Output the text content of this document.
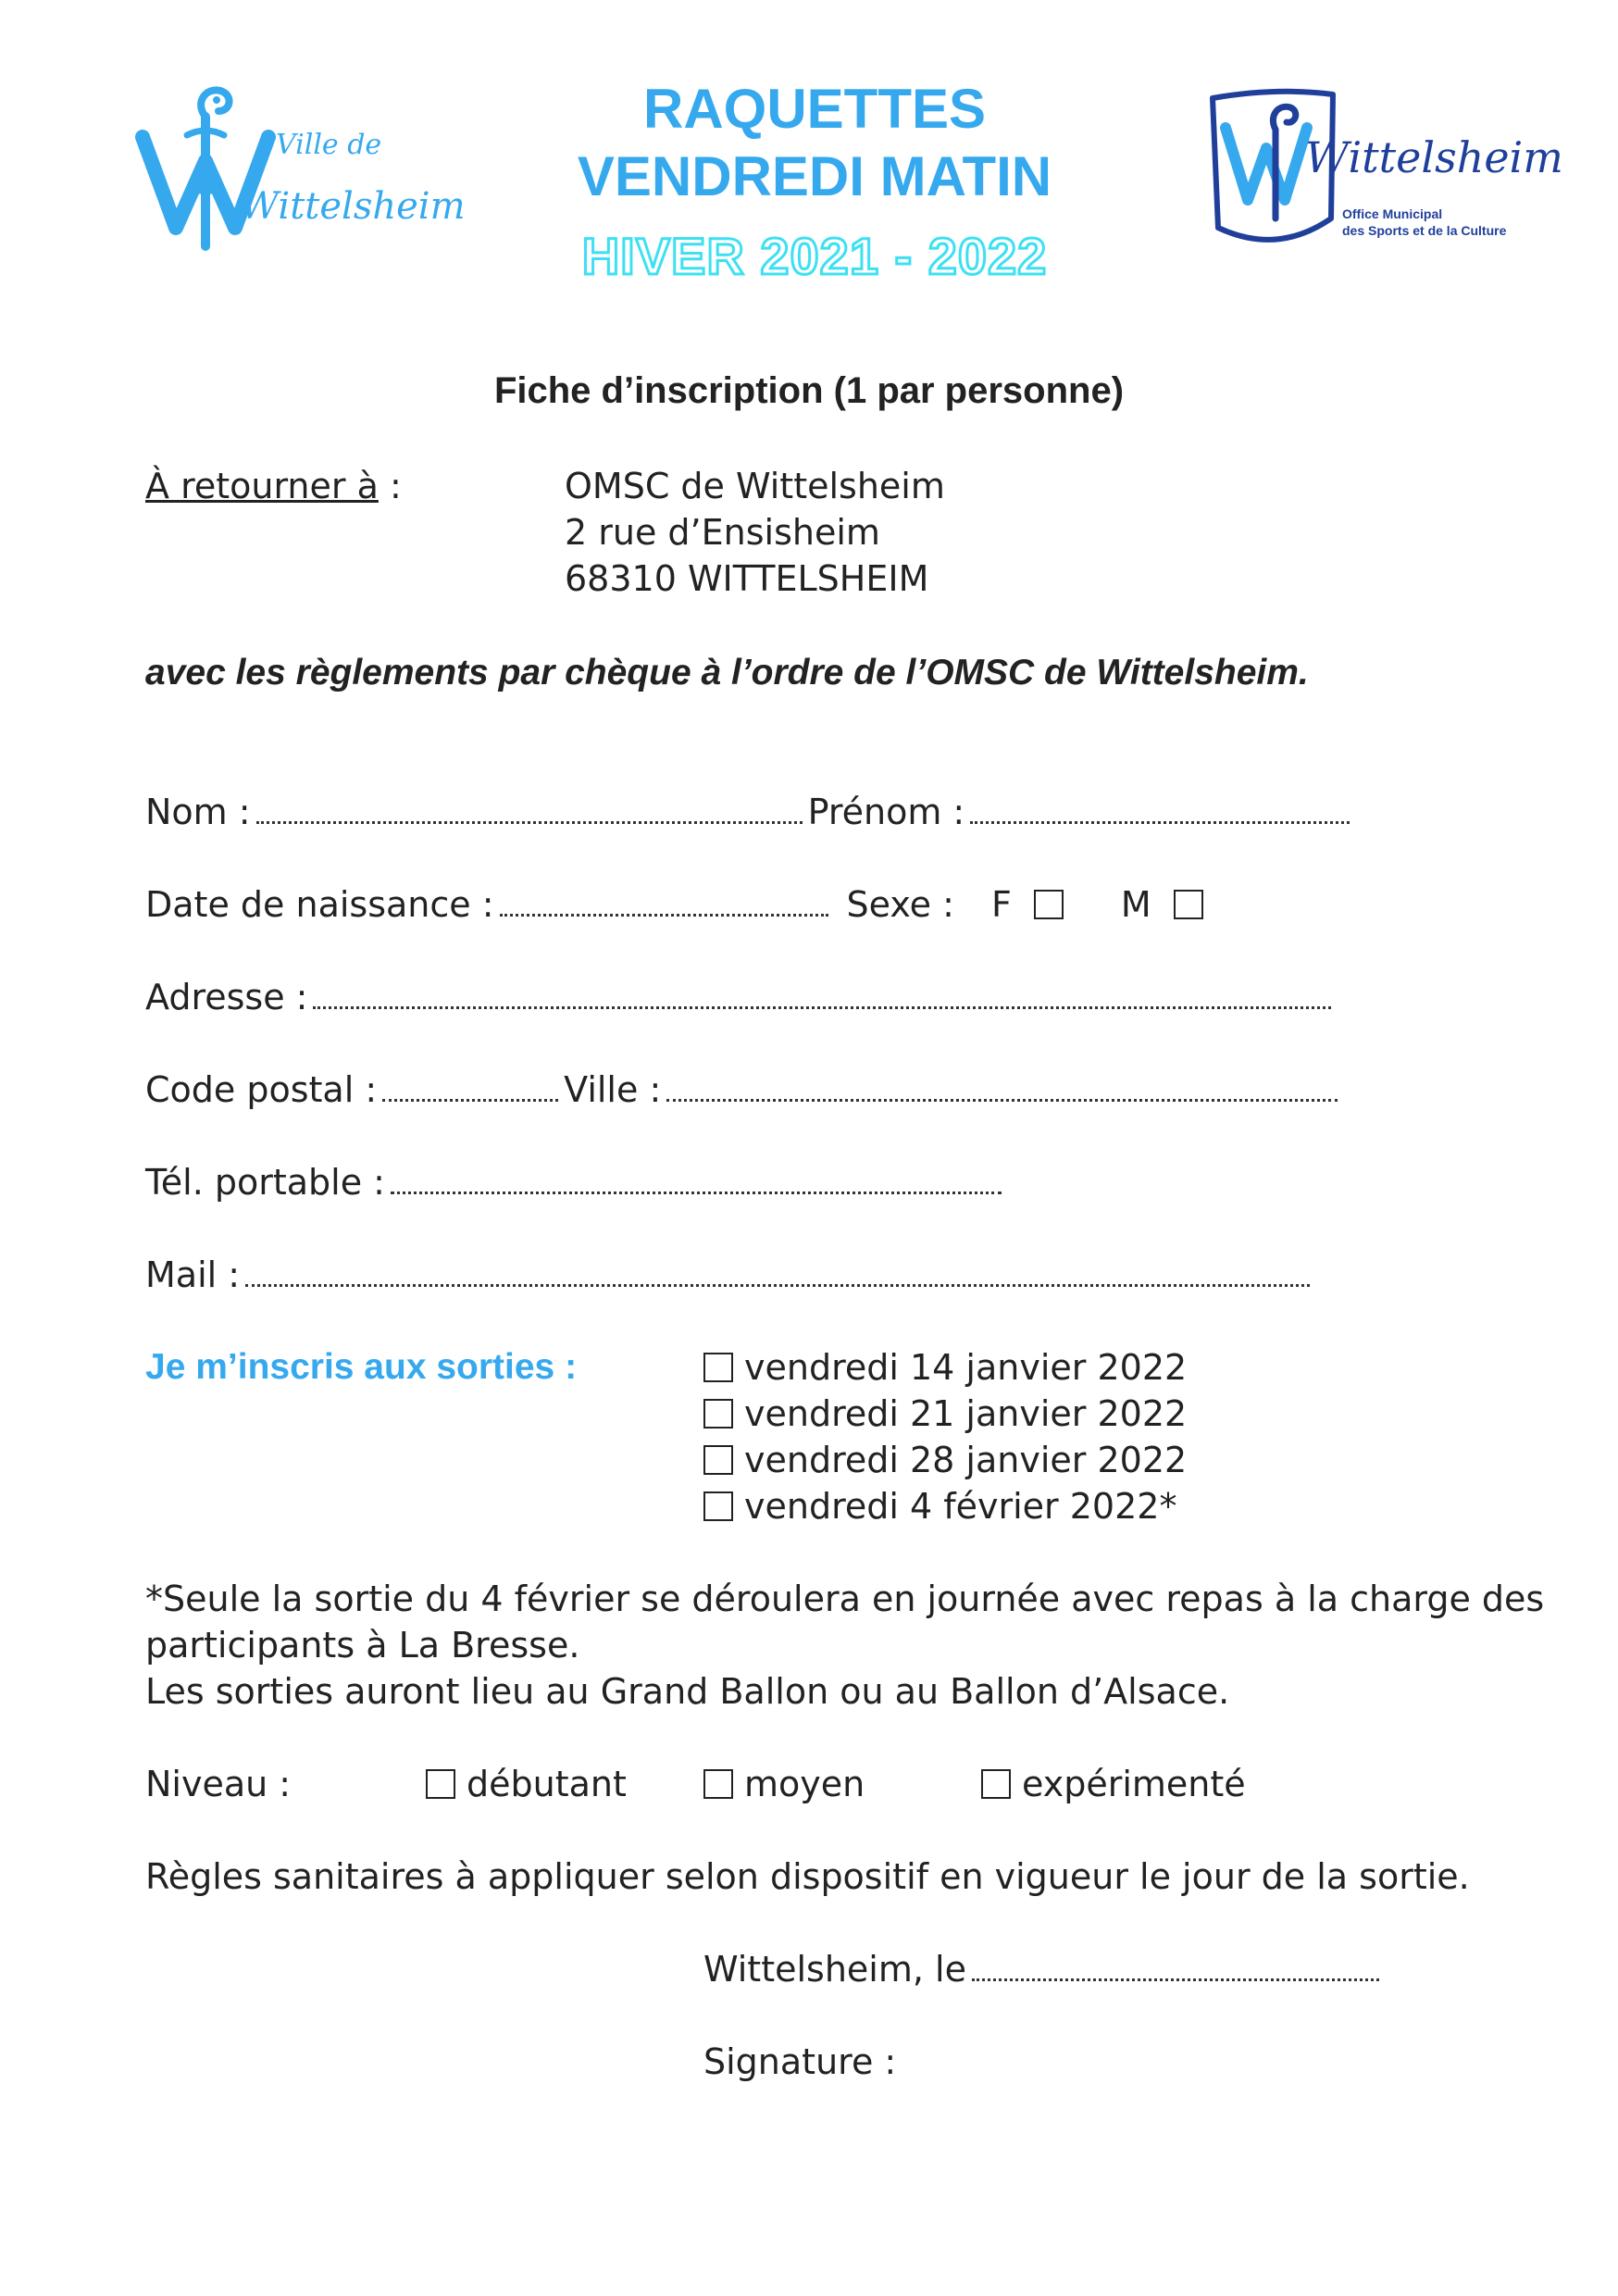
Ville de
Wittelsheim
RAQUETTES
VENDREDI MATIN
HIVER 2021 - 2022
Wittelsheim
Office Municipal
des Sports et de la Culture
Fiche d’inscription (1 par personne)
À retourner à :	OMSC de Wittelsheim
2 rue d’Ensisheim
68310 WITTELSHEIM
avec les règlements par chèque à l’ordre de l’OMSC de Wittelsheim.
Nom :	Prénom :
Date de naissance :	Sexe : F	M
Adresse :
Code postal :	Ville :
Tél. portable :
Mail :
Je m’inscris aux sorties :	vendredi 14 janvier 2022
vendredi 21 janvier 2022
vendredi 28 janvier 2022
vendredi 4 février 2022*
*Seule la sortie du 4 février se déroulera en journée avec repas à la charge des
participants à La Bresse.
Les sorties auront lieu au Grand Ballon ou au Ballon d’Alsace.
Niveau :	débutant	moyen	expérimenté
Règles sanitaires à appliquer selon dispositif en vigueur le jour de la sortie.
Wittelsheim, le
Signature :
